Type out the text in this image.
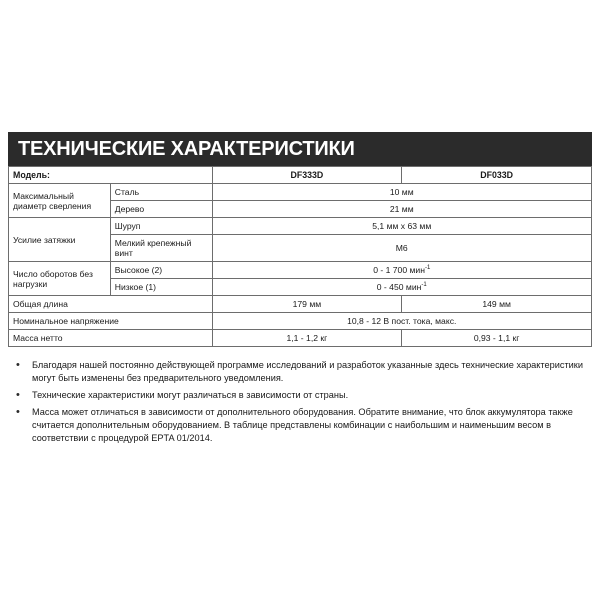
ТЕХНИЧЕСКИЕ ХАРАКТЕРИСТИКИ
Модель:		DF333D	DF033D
Максимальный диаметр сверления	Сталь	10 мм	
	Дерево	21 мм	
Усилие затяжки	Шуруп	5,1 мм x 63 мм	
	Мелкий крепежный винт	M6	
Число оборотов без нагрузки	Высокое (2)	0 - 1 700 мин$^{-1}$
	Низкое (1)	0 - 450 мин$^{-1}$
Общая длина		179 мм	149 мм
Номинальное напряжение		10,8 - 12 В пост. тока, макс.	
Масса нетто		1,1 - 1,2 кг	0,93 - 1,1 кг
•	Благодаря нашей постоянно действующей программе исследований и разработок указанные здесь технические характеристики могут быть изменены без предварительного уведомления.
•	Технические характеристики могут различаться в зависимости от страны.
•	Масса может отличаться в зависимости от дополнительного оборудования. Обратите внимание, что блок аккумулятора также считается дополнительным оборудованием. В таблице представлены комбинации с наибольшим и наименьшим весом в соответствии с процедурой EPTA 01/2014.
